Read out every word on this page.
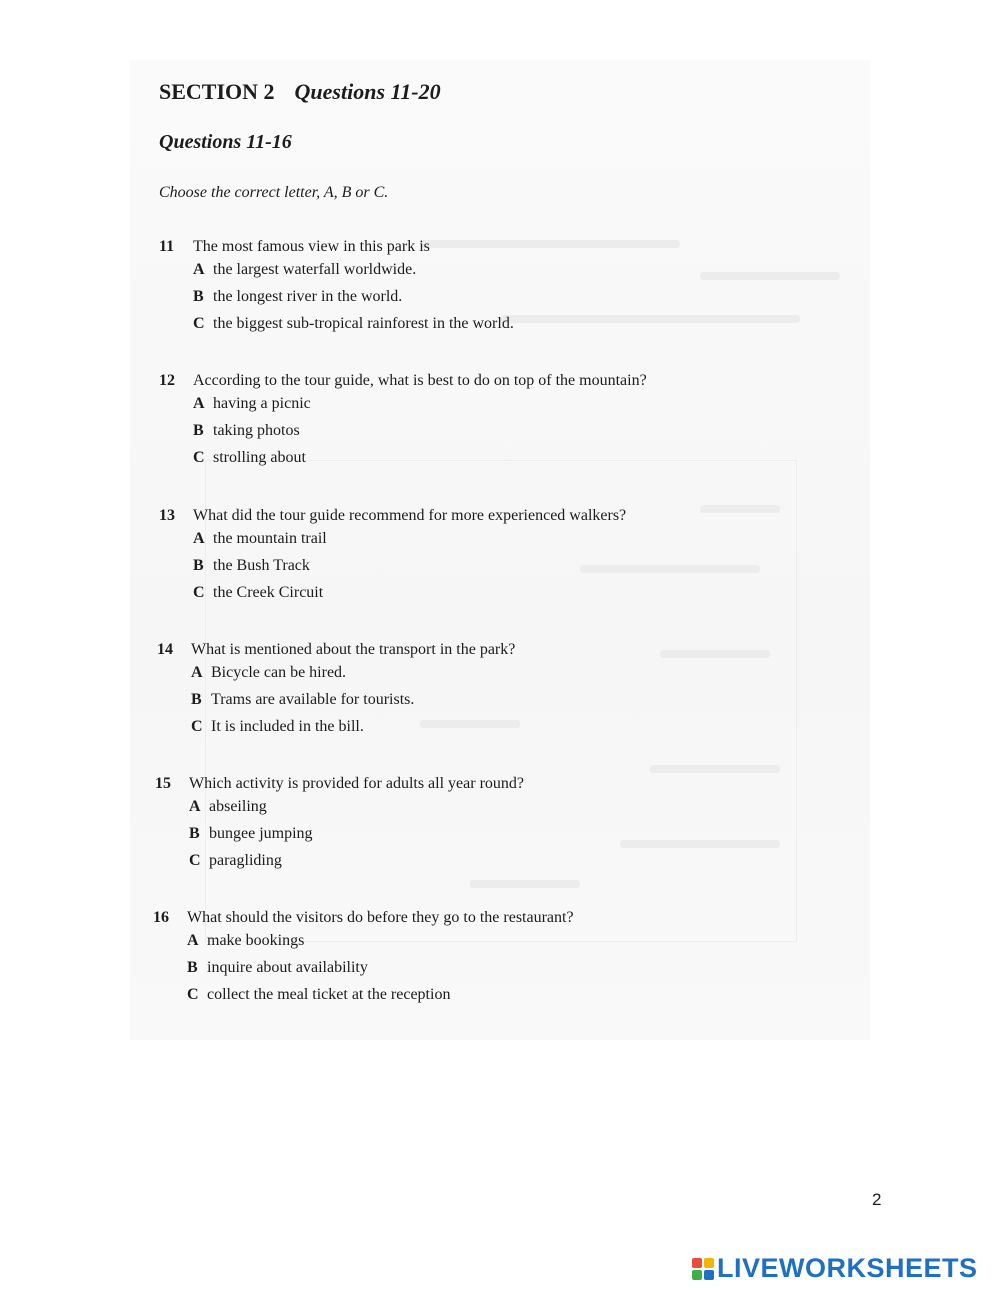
SECTION 2 Questions 11-20
Questions 11-16

Choose the correct letter, A, B or C.

11	The most famous view in this park is
A the largest waterfall worldwide.
B the longest river in the world.
C the biggest sub-tropical rainforest in the world.
12	According to the tour guide, what is best to do on top of the mountain?
A having a picnic
B taking photos
C strolling about
13	What did the tour guide recommend for more experienced walkers?
A the mountain trail
B the Bush Track
C the Creek Circuit
14	What is mentioned about the transport in the park?
A Bicycle can be hired.
B Trams are available for tourists.
C It is included in the bill.
15	Which activity is provided for adults all year round?
A abseiling
B bungee jumping
C paragliding
16	What should the visitors do before they go to the restaurant?
A make bookings
B inquire about availability
C collect the meal ticket at the reception
2
LIVEWORKSHEETS
